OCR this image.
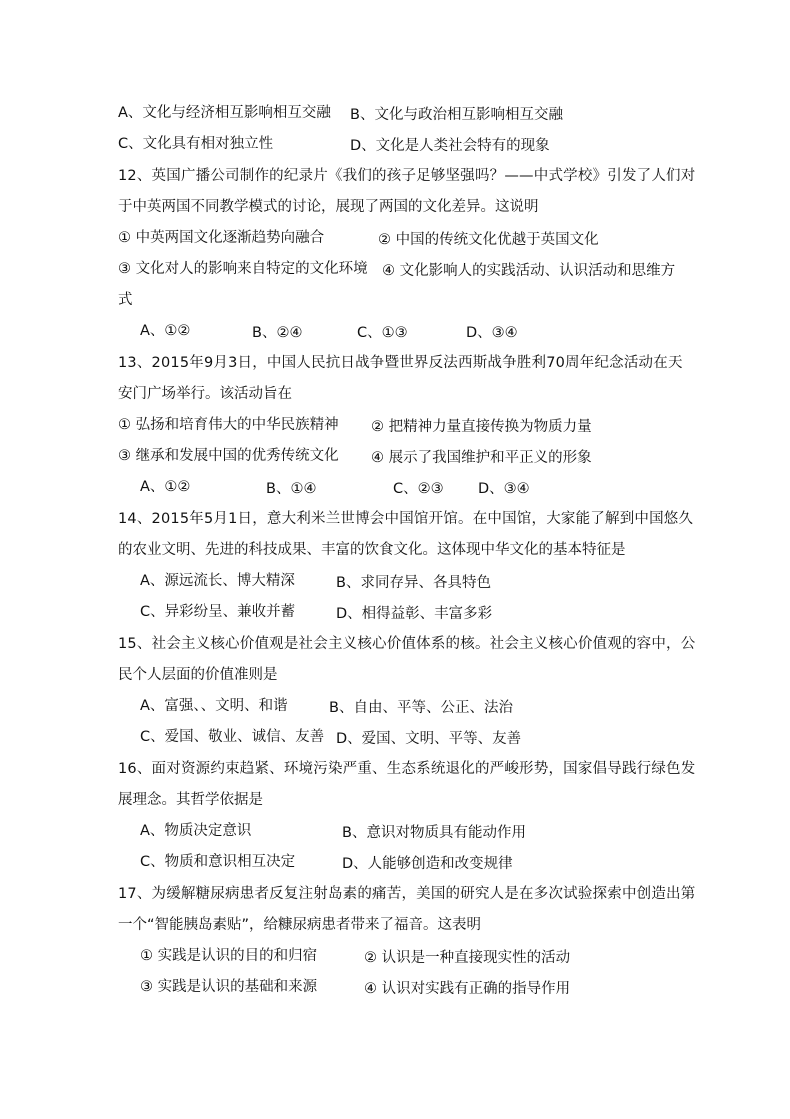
A、文化与经济相互影响相互交融 B、文化与政治相互影响相互交融
C、文化具有相对独立性	D、文化是人类社会特有的现象
12、英国广播公司制作的纪录片《我们的孩子足够坚强吗？——中式学校》引发了人们对
于中英两国不同教学模式的讨论，展现了两国的文化差异。这说明
① 中英两国文化逐渐趋势向融合	② 中国的传统文化优越于英国文化
③ 文化对人的影响来自特定的文化环境 ④ 文化影响人的实践活动、认识活动和思维方
式
A、①②	B、②④	C、①③	D、③④
13、2015年9月3日，中国人民抗日战争暨世界反法西斯战争胜利70周年纪念活动在天
安门广场举行。该活动旨在
① 弘扬和培育伟大的中华民族精神 ② 把精神力量直接传换为物质力量
③ 继承和发展中国的优秀传统文化 ④ 展示了我国维护和平正义的形象
A、①②	B、①④	C、②③ D、③④
14、2015年5月1日，意大利米兰世博会中国馆开馆。在中国馆，大家能了解到中国悠久
的农业文明、先进的科技成果、丰富的饮食文化。这体现中华文化的基本特征是
A、源远流长、博大精深	B、求同存异、各具特色
C、异彩纷呈、兼收并蓄	D、相得益彰、丰富多彩
15、社会主义核心价值观是社会主义核心价值体系的核。社会主义核心价值观的容中，公
民个人层面的价值准则是
A、富强、、文明、和谐	B、自由、平等、公正、法治
C、爱国、敬业、诚信、友善 D、爱国、文明、平等、友善
16、面对资源约束趋紧、环境污染严重、生态系统退化的严峻形势，国家倡导践行绿色发
展理念。其哲学依据是
A、物质决定意识	B、意识对物质具有能动作用
C、物质和意识相互决定	D、人能够创造和改变规律
17、为缓解糖尿病患者反复注射岛素的痛苦，美国的研究人是在多次试验探索中创造出第
一个“智能胰岛素贴”，给糠尿病患者带来了福音。这表明
① 实践是认识的目的和归宿	② 认识是一种直接现实性的活动
③ 实践是认识的基础和来源	④ 认识对实践有正确的指导作用
